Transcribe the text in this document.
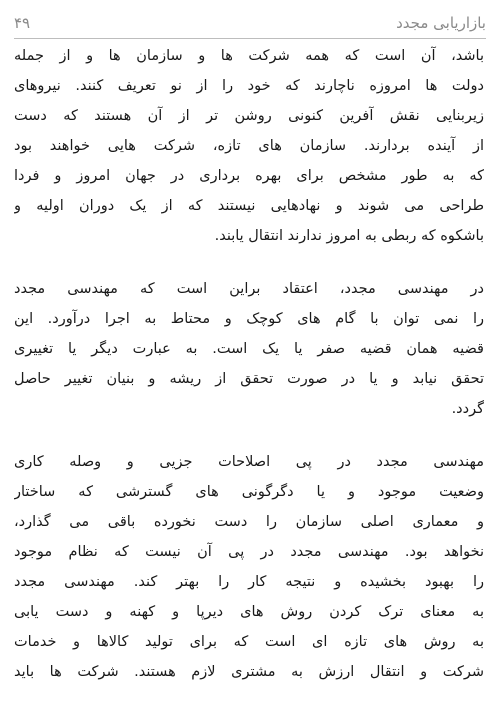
بازاریابی مجدد
۴۹
باشد، آن است که همه شرکت ها و سازمان ها و از جمله
دولت ها امروزه ناچارند که خود را از نو تعریف کنند. نیروهای
زیربنایی نقش آفرین کنونی روشن تر از آن هستند که دست
از آینده بردارند. سازمان های تازه، شرکت هایی خواهند بود
که به طور مشخص برای بهره برداری در جهان امروز و فردا
طراحی می شوند و نهادهایی نیستند که از یک دوران اولیه و
باشکوه که ربطی به امروز ندارند انتقال یابند.
در مهندسی مجدد، اعتقاد براین است که مهندسی مجدد
را نمی توان با گام های کوچک و محتاط به اجرا درآورد. این
قضیه همان قضیه صفر یا یک است. به عبارت دیگر یا تغییری
تحقق نیابد و یا در صورت تحقق از ریشه و بنیان تغییر حاصل
گردد.
مهندسی مجدد در پی اصلاحات جزیی و وصله کاری
وضعیت موجود و یا دگرگونی های گسترشی که ساختار
و معماری اصلی سازمان را دست نخورده باقی می گذارد،
نخواهد بود. مهندسی مجدد در پی آن نیست که نظام موجود
را بهبود بخشیده و نتیجه کار را بهتر کند. مهندسی مجدد
به معنای ترک کردن روش های دیرپا و کهنه و دست یابی
به روش های تازه ای است که برای تولید کالاها و خدمات
شرکت و انتقال ارزش به مشتری لازم هستند. شرکت ها باید
